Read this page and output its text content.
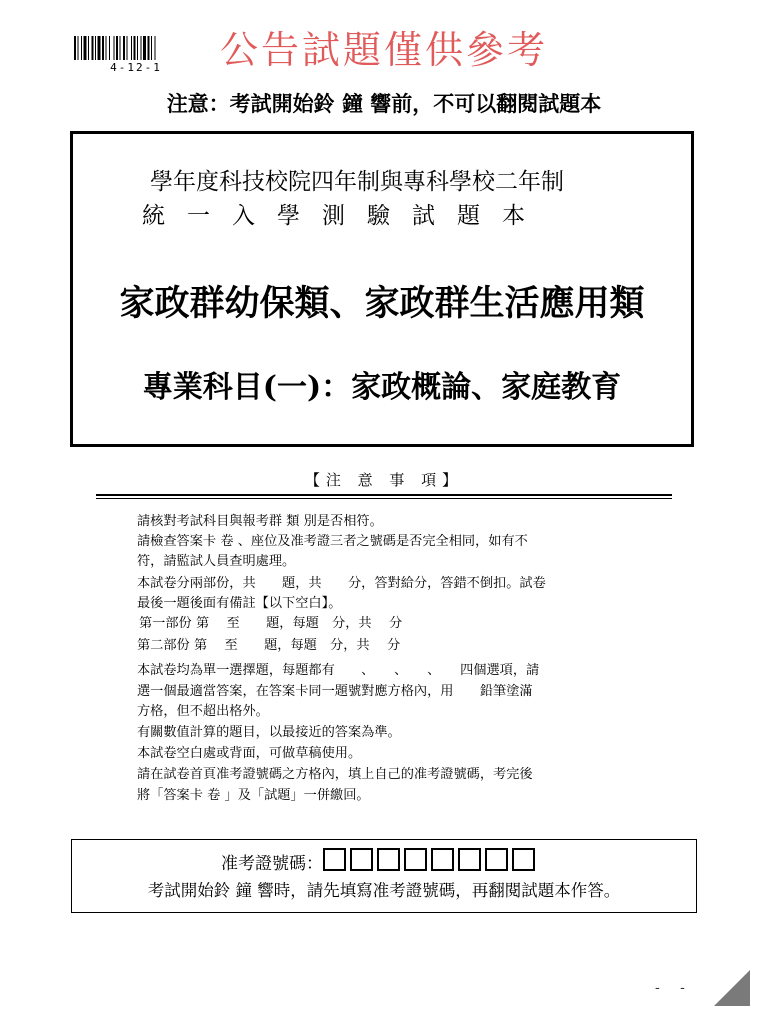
4-12-1	公告試題僅供參考
注意：考試開始鈴 鐘 響前，不可以翻閱試題本
學年度科技校院四年制與專科學校二年制
統一入學測驗試題本
家政群幼保類、家政群生活應用類
專業科目(一)：家政概論、家庭教育
【注 意 事 項】
請核對考試科目與報考群 類 別是否相符。
請檢查答案卡 卷 、座位及准考證三者之號碼是否完全相同，如有不
符，請監試人員查明處理。
本試卷分兩部份，共　　題，共　　分，答對給分，答錯不倒扣。試卷
最後一題後面有備註【以下空白】。
第一部份 第　 至　　題，每題　分，共　 分
第二部份 第　 至　　題，每題　分，共　 分
本試卷均為單一選擇題，每題都有　　、　　、　　、　　四個選項，請
選一個最適當答案，在答案卡同一題號對應方格內，用　　鉛筆塗滿
方格，但不超出格外。
有關數值計算的題目，以最接近的答案為準。
本試卷空白處或背面，可做草稿使用。
請在試卷首頁准考證號碼之方格內，填上自己的准考證號碼，考完後
將「答案卡 卷 」及「試題」一併繳回。
准考證號碼：
考試開始鈴 鐘 響時，請先填寫准考證號碼，再翻閱試題本作答。
- -
